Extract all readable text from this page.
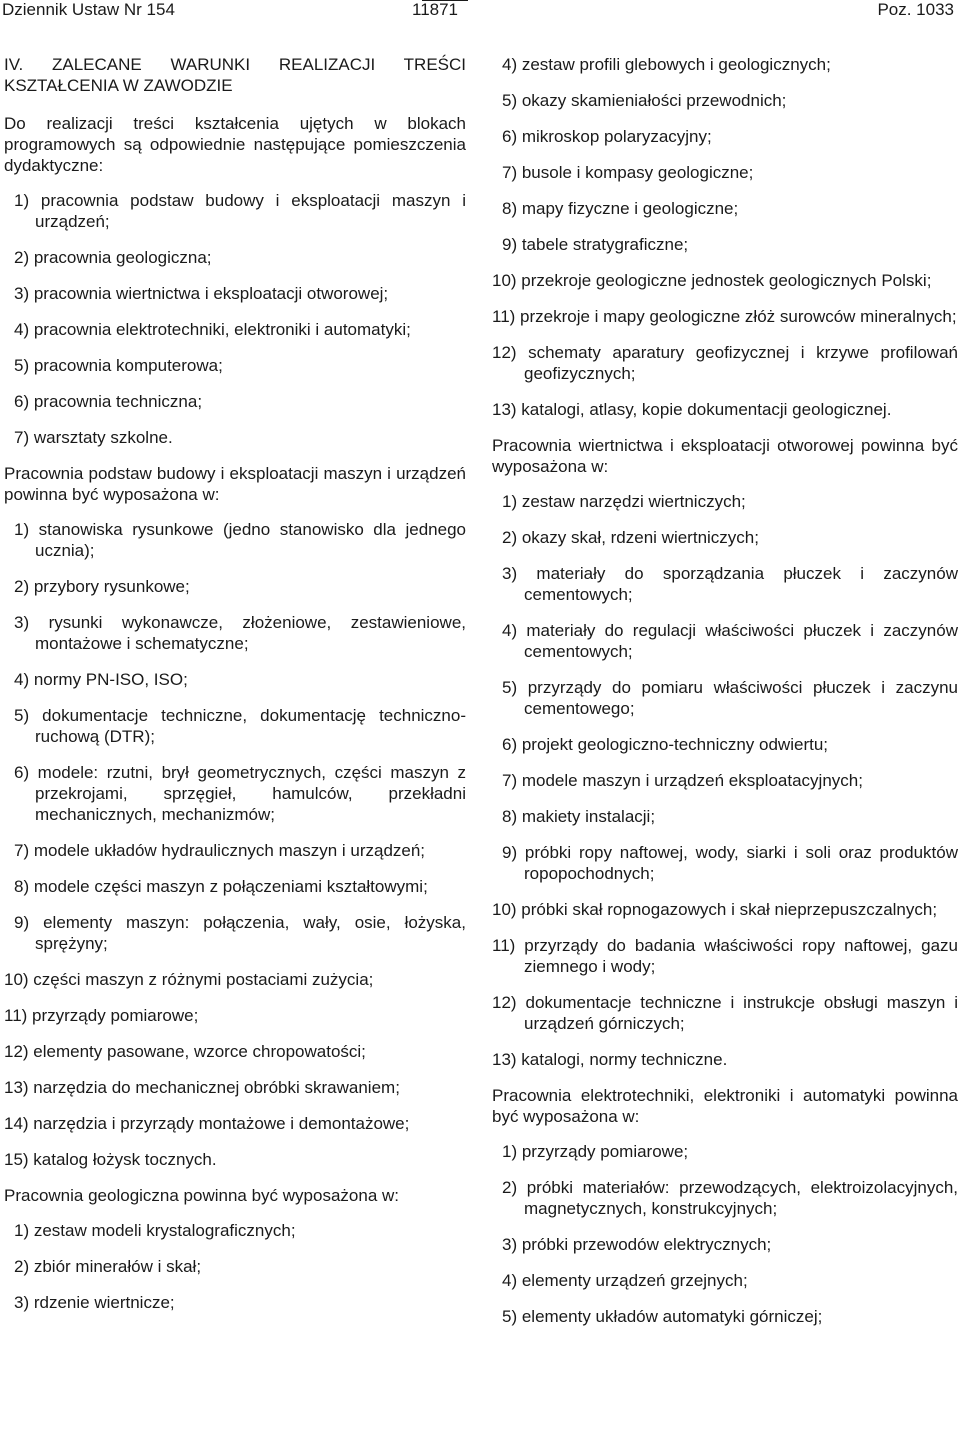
Dziennik Ustaw Nr 154	11871	Poz. 1033
IV. ZALECANE WARUNKI REALIZACJI TREŚCI KSZTAŁCENIA W ZAWODZIE
Do realizacji treści kształcenia ujętych w blokach programowych są odpowiednie następujące pomieszczenia dydaktyczne:
1) pracownia podstaw budowy i eksploatacji maszyn i urządzeń;
2) pracownia geologiczna;
3) pracownia wiertnictwa i eksploatacji otworowej;
4) pracownia elektrotechniki, elektroniki i automatyki;
5) pracownia komputerowa;
6) pracownia techniczna;
7) warsztaty szkolne.
Pracownia podstaw budowy i eksploatacji maszyn i urządzeń powinna być wyposażona w:
1) stanowiska rysunkowe (jedno stanowisko dla jednego ucznia);
2) przybory rysunkowe;
3) rysunki wykonawcze, złożeniowe, zestawieniowe, montażowe i schematyczne;
4) normy PN-ISO, ISO;
5) dokumentacje techniczne, dokumentację techniczno-ruchową (DTR);
6) modele: rzutni, brył geometrycznych, części maszyn z przekrojami, sprzęgieł, hamulców, przekładni mechanicznych, mechanizmów;
7) modele układów hydraulicznych maszyn i urządzeń;
8) modele części maszyn z połączeniami kształtowymi;
9) elementy maszyn: połączenia, wały, osie, łożyska, sprężyny;
10) części maszyn z różnymi postaciami zużycia;
11) przyrządy pomiarowe;
12) elementy pasowane, wzorce chropowatości;
13) narzędzia do mechanicznej obróbki skrawaniem;
14) narzędzia i przyrządy montażowe i demontażowe;
15) katalog łożysk tocznych.
Pracownia geologiczna powinna być wyposażona w:
1) zestaw modeli krystalograficznych;
2) zbiór minerałów i skał;
3) rdzenie wiertnicze;
4) zestaw profili glebowych i geologicznych;
5) okazy skamieniałości przewodnich;
6) mikroskop polaryzacyjny;
7) busole i kompasy geologiczne;
8) mapy fizyczne i geologiczne;
9) tabele stratygraficzne;
10) przekroje geologiczne jednostek geologicznych Polski;
11) przekroje i mapy geologiczne złóż surowców mineralnych;
12) schematy aparatury geofizycznej i krzywe profilowań geofizycznych;
13) katalogi, atlasy, kopie dokumentacji geologicznej.
Pracownia wiertnictwa i eksploatacji otworowej powinna być wyposażona w:
1) zestaw narzędzi wiertniczych;
2) okazy skał, rdzeni wiertniczych;
3) materiały do sporządzania płuczek i zaczynów cementowych;
4) materiały do regulacji właściwości płuczek i zaczynów cementowych;
5) przyrządy do pomiaru właściwości płuczek i zaczynu cementowego;
6) projekt geologiczno-techniczny odwiertu;
7) modele maszyn i urządzeń eksploatacyjnych;
8) makiety instalacji;
9) próbki ropy naftowej, wody, siarki i soli oraz produktów ropopochodnych;
10) próbki skał ropnogazowych i skał nieprzepuszczalnych;
11) przyrządy do badania właściwości ropy naftowej, gazu ziemnego i wody;
12) dokumentacje techniczne i instrukcje obsługi maszyn i urządzeń górniczych;
13) katalogi, normy techniczne.
Pracownia elektrotechniki, elektroniki i automatyki powinna być wyposażona w:
1) przyrządy pomiarowe;
2) próbki materiałów: przewodzących, elektroizolacyjnych, magnetycznych, konstrukcyjnych;
3) próbki przewodów elektrycznych;
4) elementy urządzeń grzejnych;
5) elementy układów automatyki górniczej;
